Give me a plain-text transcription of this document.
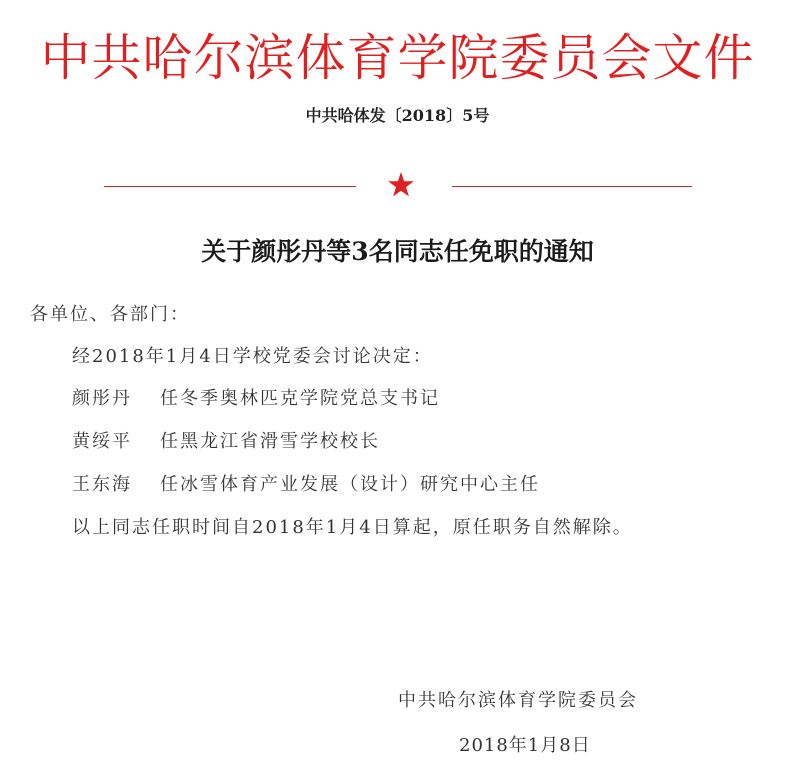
中共哈尔滨体育学院委员会文件
中共哈体发〔2018〕5号
关于颜彤丹等3名同志任免职的通知
各单位、各部门：
经2018年1月4日学校党委会讨论决定：
颜彤丹 任冬季奥林匹克学院党总支书记
黄绥平 任黑龙江省滑雪学校校长
王东海 任冰雪体育产业发展（设计）研究中心主任
以上同志任职时间自2018年1月4日算起，原任职务自然解除。
中共哈尔滨体育学院委员会
2018年1月8日
